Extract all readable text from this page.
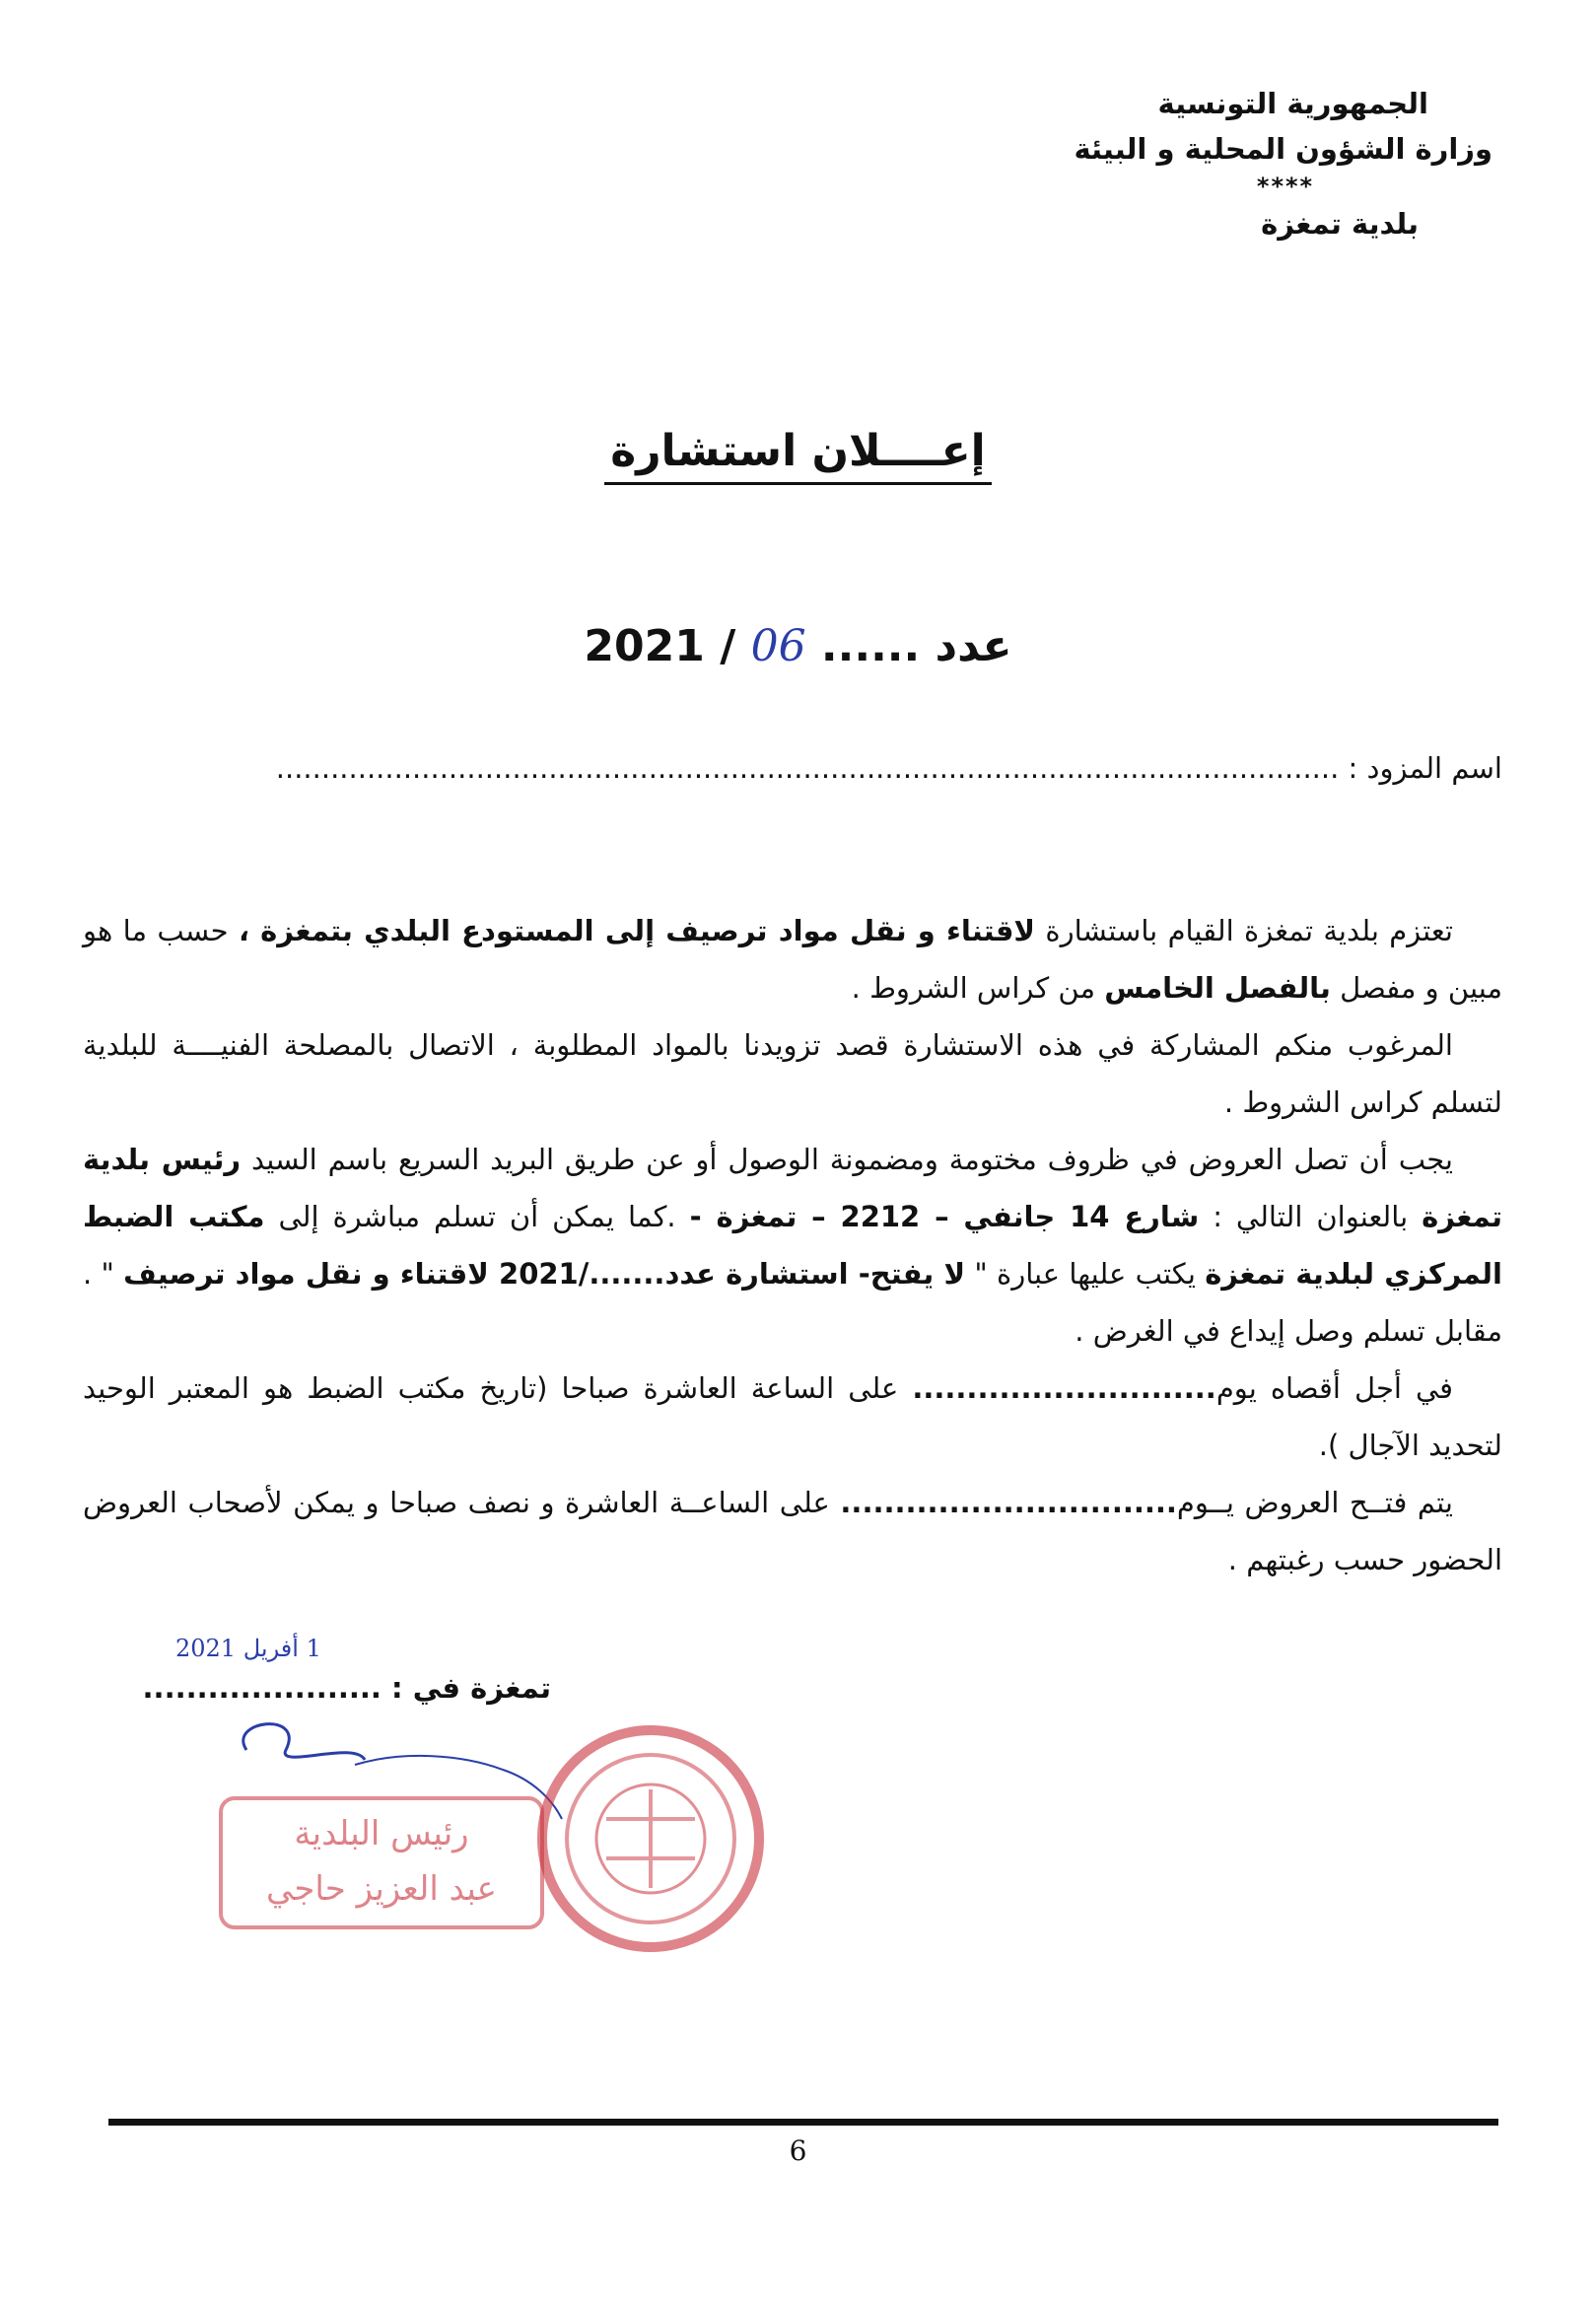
الجمهورية التونسية
وزارة الشؤون المحلية و البيئة
****
بلدية تمغزة
إعــــلان استشارة
عدد ...... 06 / 2021
اسم المزود : .....................................................................................................................

تعتزم بلدية تمغزة القيام باستشارة لاقتناء و نقل مواد ترصيف إلى المستودع البلدي بتمغزة ، حسب ما هو مبين و مفصل بالفصل الخامس من كراس الشروط .

المرغوب منكم المشاركة في هذه الاستشارة قصد تزويدنا بالمواد المطلوبة ، الاتصال بالمصلحة الفنيــــة للبلدية لتسلم كراس الشروط .

يجب أن تصل العروض في ظروف مختومة ومضمونة الوصول أو عن طريق البريد السريع باسم السيد رئيس بلدية تمغزة بالعنوان التالي : شارع 14 جانفي – 2212 – تمغزة - .كما يمكن أن تسلم مباشرة إلى مكتب الضبط المركزي لبلدية تمغزة يكتب عليها عبارة " لا يفتح- استشارة عدد......./2021 لاقتناء و نقل مواد ترصيف " . مقابل تسلم وصل إيداع في الغرض .

في أجل أقصاه يوم............................ على الساعة العاشرة صباحا (تاريخ مكتب الضبط هو المعتبر الوحيد لتحديد الآجال ).

يتم فتــح العروض يــوم............................... على الساعــة العاشرة و نصف صباحا و يمكن لأصحاب العروض الحضور حسب رغبتهم .

1 أفريل 2021
تمغزة في : ......................
رئيس البلدية
عبد العزيز حاجي
6
